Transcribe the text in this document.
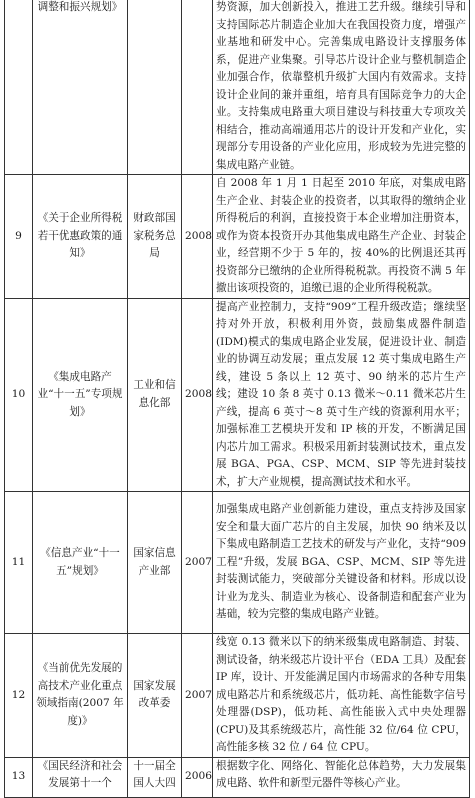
	调整和振兴规划》			势资源，加大创新投入，推进工艺升级。继续引导和支持国际芯片制造企业加大在我国投资力度，增强产业基地和研发中心。完善集成电路设计支撑服务体系，促进产业集聚。引导芯片设计企业与整机制造企业加强合作，依靠整机升级扩大国内有效需求。支持设计企业间的兼并重组，培育具有国际竞争力的大企业。支持集成电路重大项目建设与科技重大专项攻关相结合，推动高端通用芯片的设计开发和产业化，实现部分专用设备的产业化应用，形成较为先进完整的集成电路产业链。
9	《关于企业所得税若干优惠政策的通知》	财政部国家税务总局	2008	自 2008 年 1 月 1 日起至 2010 年底，对集成电路生产企业、封装企业的投资者，以其取得的缴纳企业所得税后的利润，直接投资于本企业增加注册资本，或作为资本投资开办其他集成电路生产企业、封装企业，经营期不少于 5 年的，按 40%的比例退还其再投资部分已缴纳的企业所得税税款。再投资不满 5 年撤出该项投资的，追缴已退的企业所得税税款。
10	《集成电路产业“十一五”专项规划》	工业和信息化部	2008	提高产业控制力，支持“909”工程升级改造；继续坚持对外开放，积极利用外资，鼓励集成器件制造(IDM)模式的集成电路企业发展，促进设计业、制造业的协调互动发展；重点发展 12 英寸集成电路生产线，建设 5 条以上 12 英寸、90 纳米的芯片生产线；建设 10 条 8 英寸 0.13 微米～0.11 微米芯片生产线，提高 6 英寸～8 英寸生产线的资源利用水平；加强标准工艺模块开发和 IP 核的开发，不断满足国内芯片加工需求。积极采用新封装测试技术，重点发展 BGA、PGA、CSP、MCM、SIP 等先进封装技术，扩大产业规模，提高测试技术和水平。
11	《信息产业“十一五”规划》	国家信息产业部	2007	加强集成电路产业创新能力建设，重点支持涉及国家安全和量大面广芯片的自主发展，加快 90 纳米及以下集成电路制造工艺技术的研发与产业化，支持“909 工程”升级，发展 BGA、CSP、MCM、SIP 等先进封装测试能力，突破部分关键设备和材料。形成以设计业为龙头、制造业为核心、设备制造和配套产业为基础，较为完整的集成电路产业链。
12	《当前优先发展的高技术产业化重点领域指南(2007 年度)》	国家发展改革委	2007	线宽 0.13 微米以下的纳米级集成电路制造、封装、测试设备，纳米级芯片设计平台（EDA 工具）及配套 IP 库，设计、开发能满足国内市场需求的各种专用集成电路芯片和系统级芯片，低功耗、高性能数字信号处理器(DSP)，低功耗、高性能嵌入式中央处理器(CPU)及其系统级芯片，高性能 32 位/64 位 CPU，高性能多核 32 位 / 64 位 CPU。
13	《国民经济和社会发展第十一个	十一届全国人大四	2006	根据数字化、网络化、智能化总体趋势，大力发展集成电路、软件和新型元器件等核心产业。
